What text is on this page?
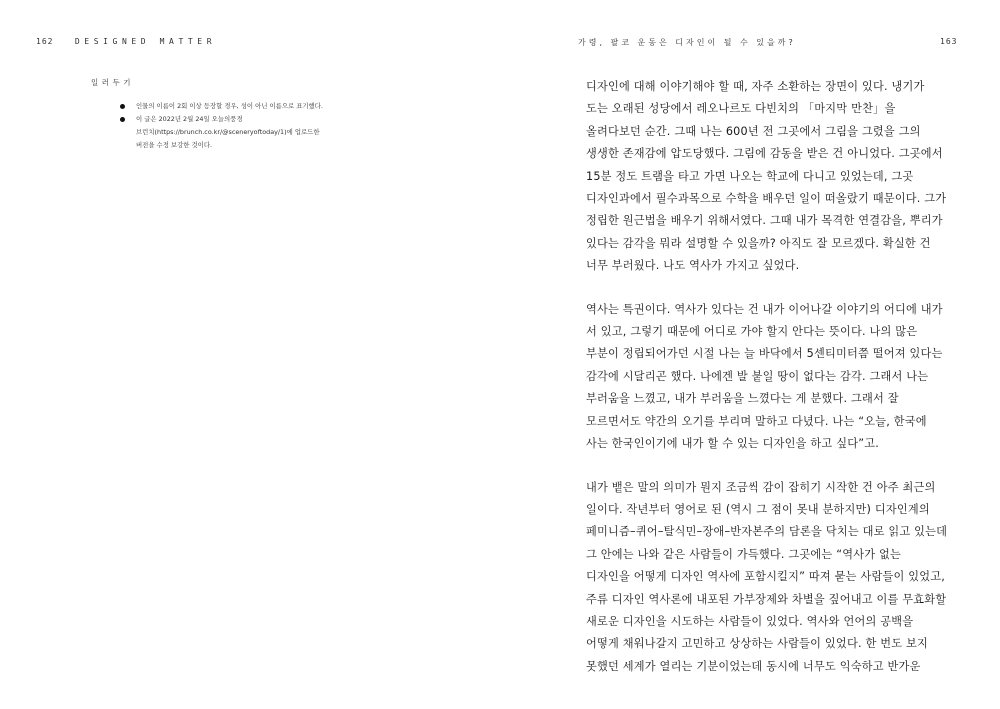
162	DESIGNED MATTER
일러두기
인물의 이름이 2회 이상 등장할 경우, 성이 아닌 이름으로 표기했다.
이 글은 2022년 2월 24일 오늘의풍경
브런치(https://brunch.co.kr/@sceneryoftoday/1)에 업로드한
버전을 수정 보강한 것이다.
가령, 팔코 운동은 디자인이 될 수 있을까?	163

디자인에 대해 이야기해야 할 때, 자주 소환하는 장면이 있다. 냉기가
도는 오래된 성당에서 레오나르도 다빈치의 「마지막 만찬」을
올려다보던 순간. 그때 나는 600년 전 그곳에서 그림을 그렸을 그의
생생한 존재감에 압도당했다. 그림에 감동을 받은 건 아니었다. 그곳에서
15분 정도 트램을 타고 가면 나오는 학교에 다니고 있었는데, 그곳
디자인과에서 필수과목으로 수학을 배우던 일이 떠올랐기 때문이다. 그가
정립한 원근법을 배우기 위해서였다. 그때 내가 목격한 연결감을, 뿌리가
있다는 감각을 뭐라 설명할 수 있을까? 아직도 잘 모르겠다. 확실한 건
너무 부러웠다. 나도 역사가 가지고 싶었다.

역사는 특권이다. 역사가 있다는 건 내가 이어나갈 이야기의 어디에 내가
서 있고, 그렇기 때문에 어디로 가야 할지 안다는 뜻이다. 나의 많은
부분이 정립되어가던 시절 나는 늘 바닥에서 5센티미터쯤 떨어져 있다는
감각에 시달리곤 했다. 나에겐 발 붙일 땅이 없다는 감각. 그래서 나는
부러움을 느꼈고, 내가 부러움을 느꼈다는 게 분했다. 그래서 잘
모르면서도 약간의 오기를 부리며 말하고 다녔다. 나는 “오늘, 한국에
사는 한국인이기에 내가 할 수 있는 디자인을 하고 싶다”고.

내가 뱉은 말의 의미가 뭔지 조금씩 감이 잡히기 시작한 건 아주 최근의
일이다. 작년부터 영어로 된 (역시 그 점이 못내 분하지만) 디자인계의
페미니즘–퀴어–탈식민–장애–반자본주의 담론을 닥치는 대로 읽고 있는데
그 안에는 나와 같은 사람들이 가득했다. 그곳에는 “역사가 없는
디자인을 어떻게 디자인 역사에 포함시킬지” 따져 묻는 사람들이 있었고,
주류 디자인 역사론에 내포된 가부장제와 차별을 짚어내고 이를 무효화할
새로운 디자인을 시도하는 사람들이 있었다. 역사와 언어의 공백을
어떻게 채워나갈지 고민하고 상상하는 사람들이 있었다. 한 번도 보지
못했던 세계가 열리는 기분이었는데 동시에 너무도 익숙하고 반가운
